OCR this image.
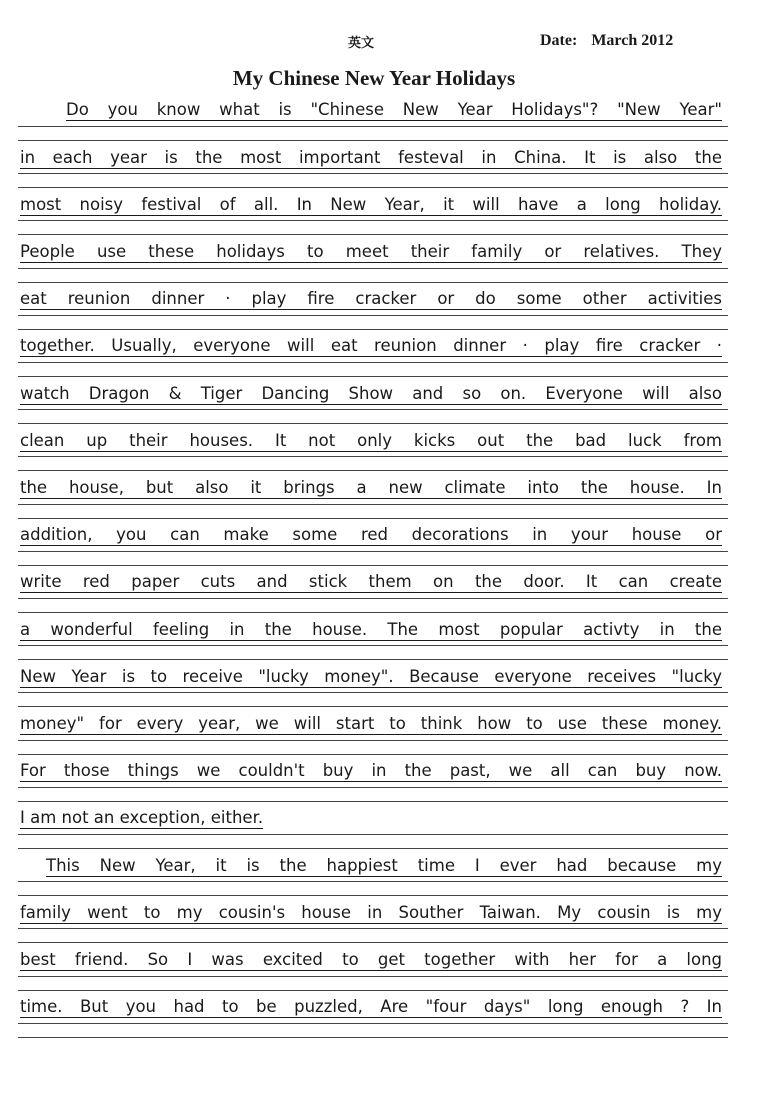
英文	Date: March 2012
My Chinese New Year Holidays
Do you know what is "Chinese New Year Holidays"? "New Year"
in each year is the most important festeval in China. It is also the
most noisy festival of all. In New Year, it will have a long holiday.
People use these holidays to meet their family or relatives. They
eat reunion dinner · play fire cracker or do some other activities
together. Usually, everyone will eat reunion dinner · play fire cracker ·
watch Dragon & Tiger Dancing Show and so on. Everyone will also
clean up their houses. It not only kicks out the bad luck from
the house, but also it brings a new climate into the house. In
addition, you can make some red decorations in your house or
write red paper cuts and stick them on the door. It can create
a wonderful feeling in the house. The most popular activty in the
New Year is to receive "lucky money". Because everyone receives "lucky
money" for every year, we will start to think how to use these money.
For those things we couldn't buy in the past, we all can buy now.
I am not an exception, either.
This New Year, it is the happiest time I ever had because my
family went to my cousin's house in Souther Taiwan. My cousin is my
best friend. So I was excited to get together with her for a long
time. But you had to be puzzled, Are "four days" long enough ? In
